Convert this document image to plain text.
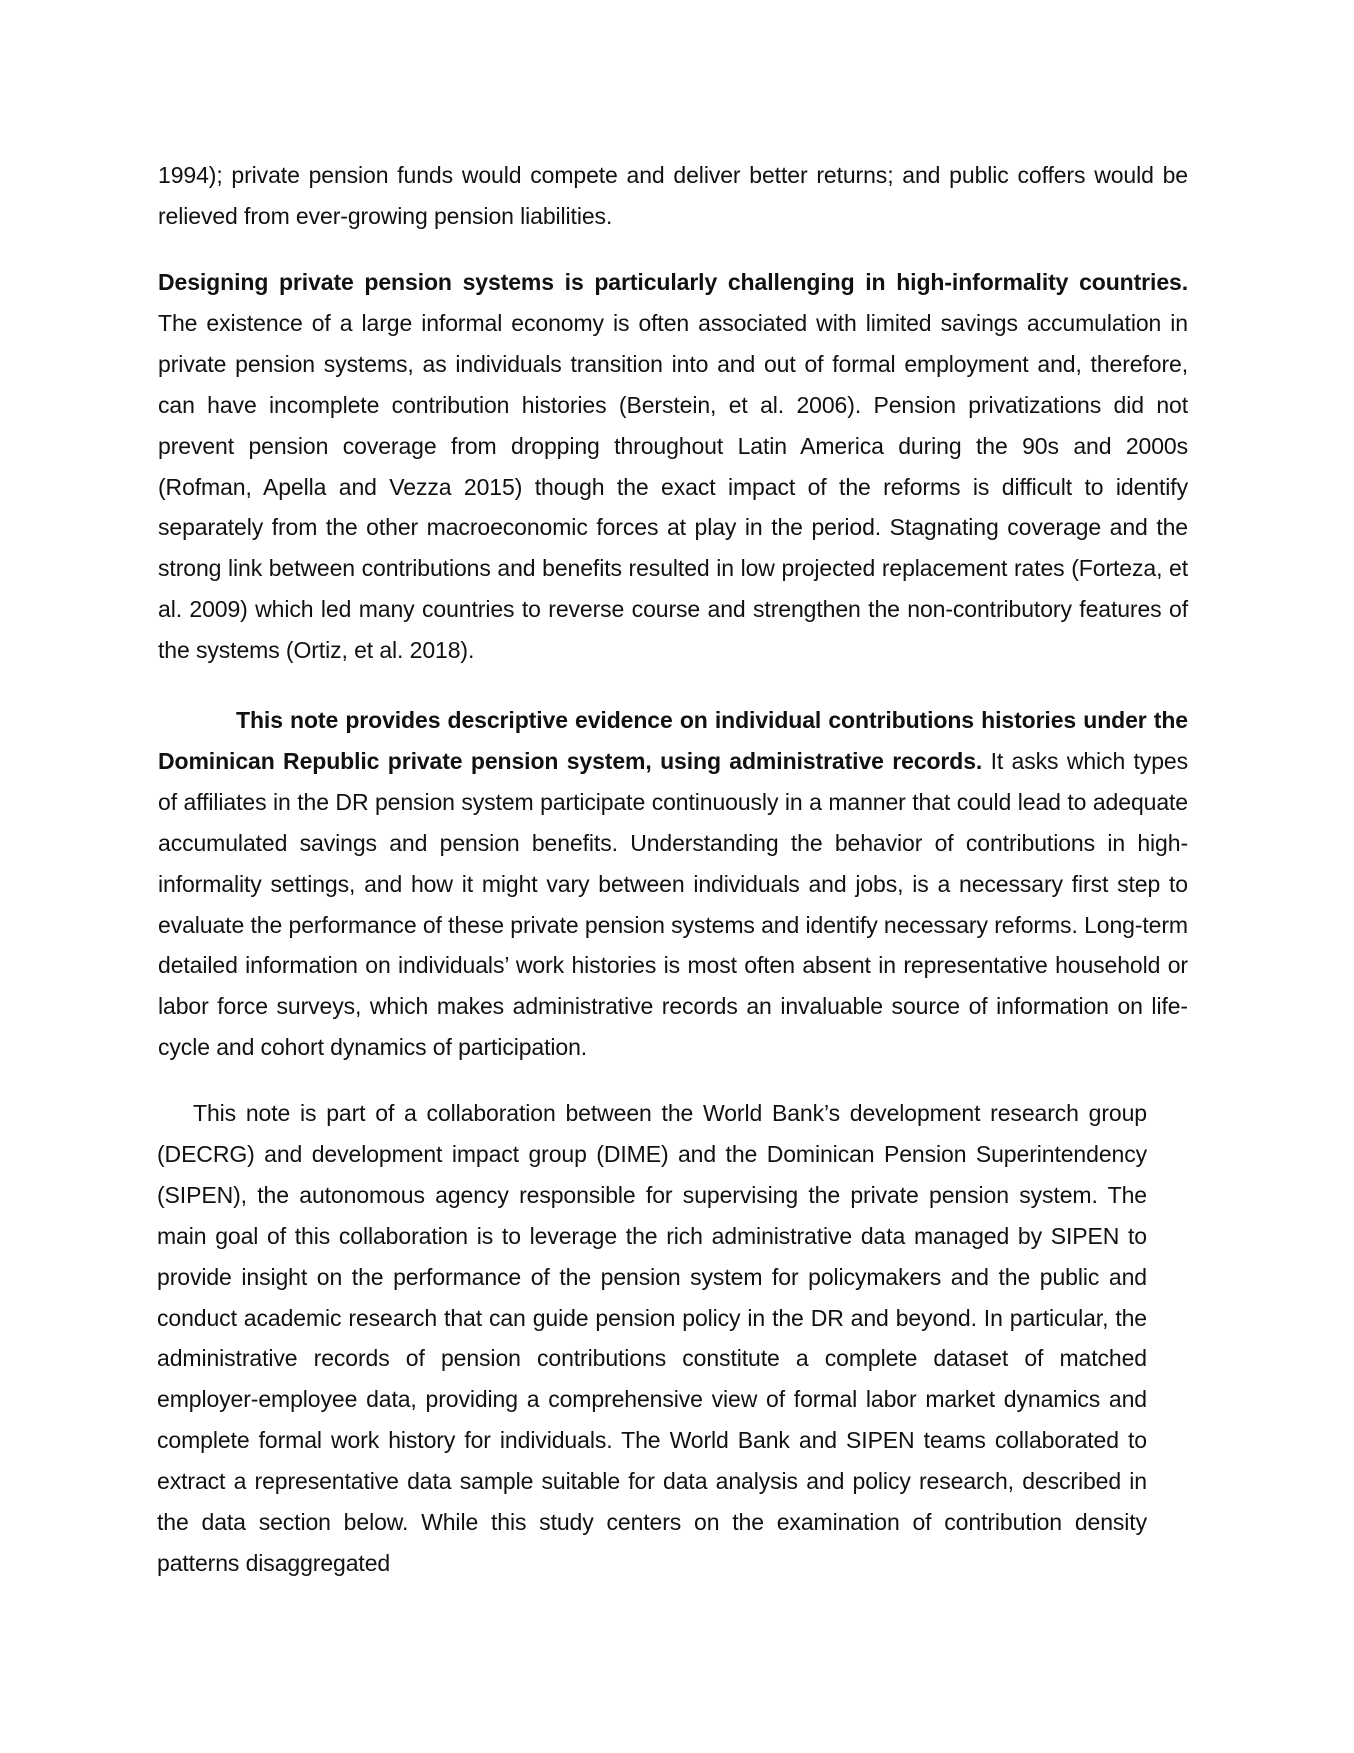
1994); private pension funds would compete and deliver better returns; and public coffers would be relieved from ever-growing pension liabilities.

Designing private pension systems is particularly challenging in high-informality countries. The existence of a large informal economy is often associated with limited savings accumulation in private pension systems, as individuals transition into and out of formal employment and, therefore, can have incomplete contribution histories (Berstein, et al. 2006). Pension privatizations did not prevent pension coverage from dropping throughout Latin America during the 90s and 2000s (Rofman, Apella and Vezza 2015) though the exact impact of the reforms is difficult to identify separately from the other macroeconomic forces at play in the period. Stagnating coverage and the strong link between contributions and benefits resulted in low projected replacement rates (Forteza, et al. 2009) which led many countries to reverse course and strengthen the non-contributory features of the systems (Ortiz, et al. 2018).

This note provides descriptive evidence on individual contributions histories under the Dominican Republic private pension system, using administrative records. It asks which types of affiliates in the DR pension system participate continuously in a manner that could lead to adequate accumulated savings and pension benefits. Understanding the behavior of contributions in high-informality settings, and how it might vary between individuals and jobs, is a necessary first step to evaluate the performance of these private pension systems and identify necessary reforms. Long-term detailed information on individuals’ work histories is most often absent in representative household or labor force surveys, which makes administrative records an invaluable source of information on life-cycle and cohort dynamics of participation.

This note is part of a collaboration between the World Bank’s development research group (DECRG) and development impact group (DIME) and the Dominican Pension Superintendency (SIPEN), the autonomous agency responsible for supervising the private pension system. The main goal of this collaboration is to leverage the rich administrative data managed by SIPEN to provide insight on the performance of the pension system for policymakers and the public and conduct academic research that can guide pension policy in the DR and beyond. In particular, the administrative records of pension contributions constitute a complete dataset of matched employer-employee data, providing a comprehensive view of formal labor market dynamics and complete formal work history for individuals. The World Bank and SIPEN teams collaborated to extract a representative data sample suitable for data analysis and policy research, described in the data section below. While this study centers on the examination of contribution density patterns disaggregated
